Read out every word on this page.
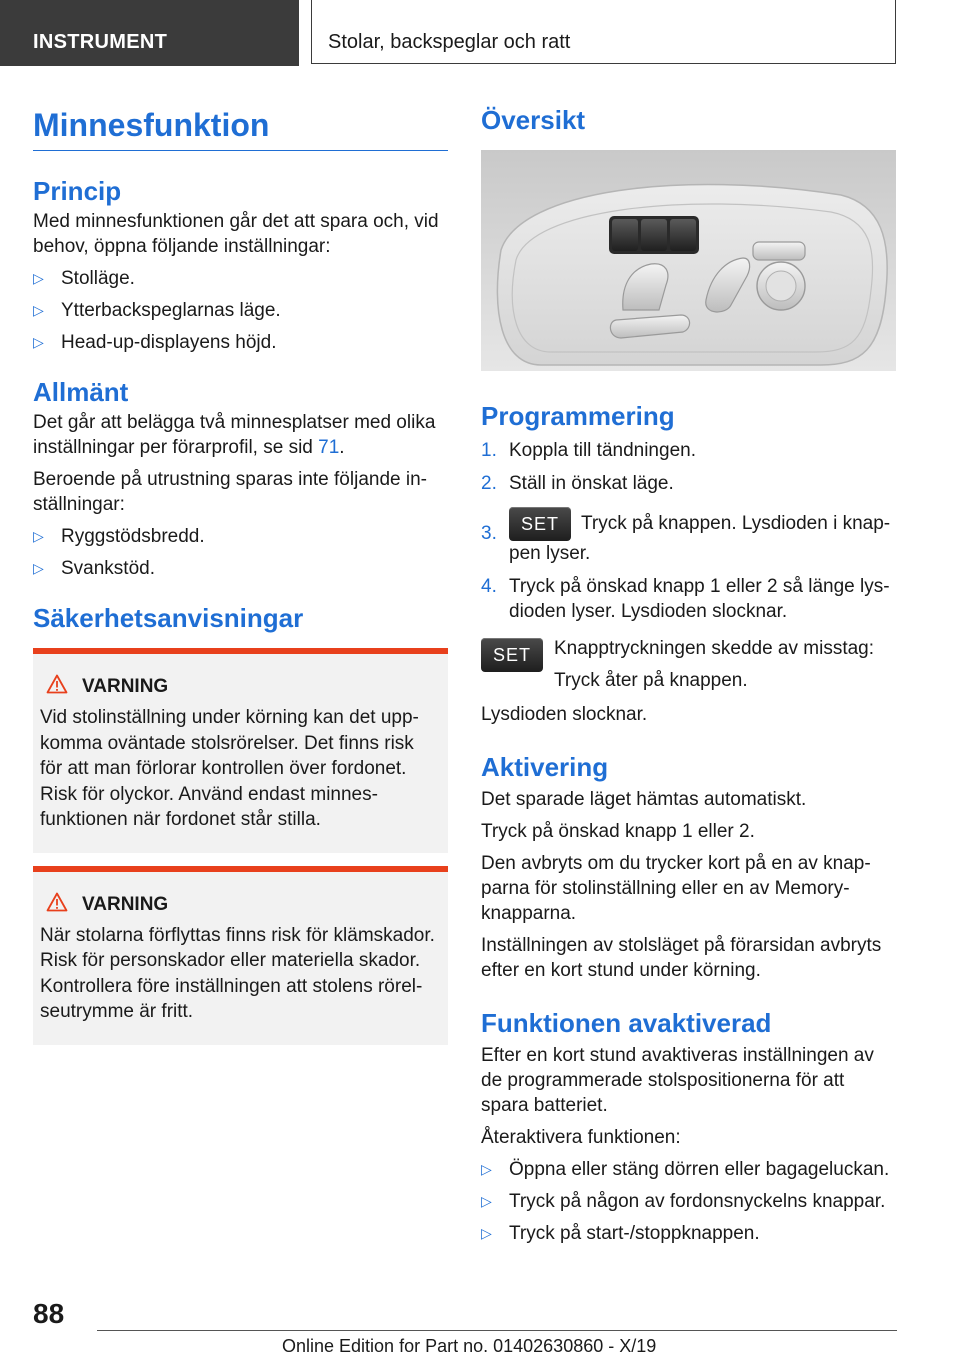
INSTRUMENT	Stolar, backspeglar och ratt
Minnesfunktion
Princip

Med minnesfunktionen går det att spara och, vid behov, öppna följande inställningar:

▷ Stolläge.
▷ Ytterbackspeglarnas läge.
▷ Head-up-displayens höjd.
Allmänt

Det går att belägga två minnesplatser med olika inställningar per förarprofil, se sid 71.

Beroende på utrustning sparas inte följande in‐ ställningar:

▷ Ryggstödsbredd.
▷ Svankstöd.
Säkerhetsanvisningar
VARNING

Vid stolinställning under körning kan det upp‐ komma oväntade stolsrörelser. Det finns risk för att man förlorar kontrollen över fordonet. Risk för olyckor. Använd endast minnes-funktionen när fordonet står stilla.

VARNING

När stolarna förflyttas finns risk för klämskador. Risk för personskador eller materiella skador. Kontrollera före inställningen att stolens rörel‐ seutrymme är fritt.

Översikt
Programmering
1. Koppla till tändningen.
2. Ställ in önskat läge.
3. SET Tryck på knappen. Lysdioden i knap‐ pen lyser.
4. Tryck på önskad knapp 1 eller 2 så länge lys‐ dioden lyser. Lysdioden slocknar.
SET	Knapptryckningen skedde av misstag:

Tryck åter på knappen.

Lysdioden slocknar.

Aktivering

Det sparade läget hämtas automatiskt.

Tryck på önskad knapp 1 eller 2.

Den avbryts om du trycker kort på en av knap‐ parna för stolinställning eller en av Memory- knapparna.

Inställningen av stolsläget på förarsidan avbryts efter en kort stund under körning.

Funktionen avaktiverad

Efter en kort stund avaktiveras inställningen av de programmerade stolspositionerna för att spara batteriet.

Återaktivera funktionen:

▷ Öppna eller stäng dörren eller bagageluckan.
▷ Tryck på någon av fordonsnyckelns knappar.
▷ Tryck på start-/stoppknappen.
88
Online Edition for Part no. 01402630860 - X/19
